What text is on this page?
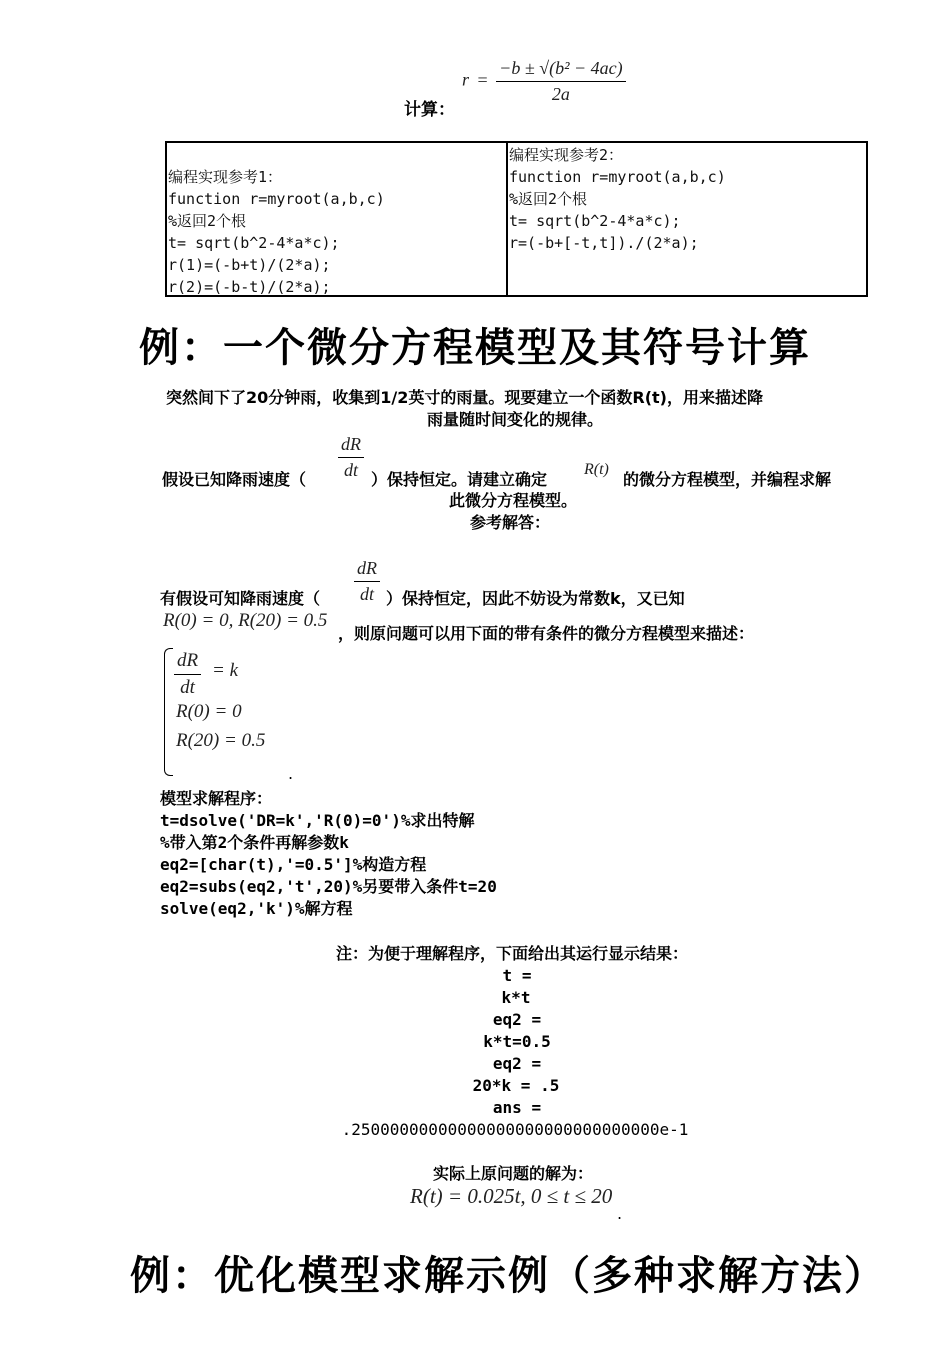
计算：
$r = \frac{\text{−b ± √(b² − 4ac)}}{2a}$
编程实现参考1：
function r=myroot(a,b,c)
%返回2个根
t= sqrt(b^2-4*a*c);
r(1)=(-b+t)/(2*a);
r(2)=(-b-t)/(2*a);
编程实现参考2：
function r=myroot(a,b,c)
%返回2个根
t= sqrt(b^2-4*a*c);
r=(-b+[-t,t])./(2*a);
例：一个微分方程模型及其符号计算
突然间下了20分钟雨，收集到1/2英寸的雨量。现要建立一个函数R(t)，用来描述降
雨量随时间变化的规律。
$\frac{dR}{dt}$
假设已知降雨速度（	）保持恒定。请建立确定
R(t)
的微分方程模型，并编程求解
此微分方程模型。
参考解答：
$\frac{dR}{dt}$
有假设可知降雨速度（	）保持恒定，因此不妨设为常数k，又已知
R(0) = 0, R(20) = 0.5
，则原问题可以用下面的带有条件的微分方程模型来描述：
$\frac{dR}{dt} = k$
R(0) = 0
R(20) = 0.5
.
模型求解程序：
t=dsolve('DR=k','R(0)=0')%求出特解
%带入第2个条件再解参数k
eq2=[char(t),'=0.5']%构造方程
eq2=subs(eq2,'t',20)%另要带入条件t=20
solve(eq2,'k')%解方程
注：为便于理解程序，下面给出其运行显示结果：
t =
k*t
eq2 =
k*t=0.5
eq2 =
20*k = .5
ans =
.25000000000000000000000000000000e-1
实际上原问题的解为：
R(t) = 0.025t, 0 ≤ t ≤ 20
.
例：优化模型求解示例（多种求解方法）
